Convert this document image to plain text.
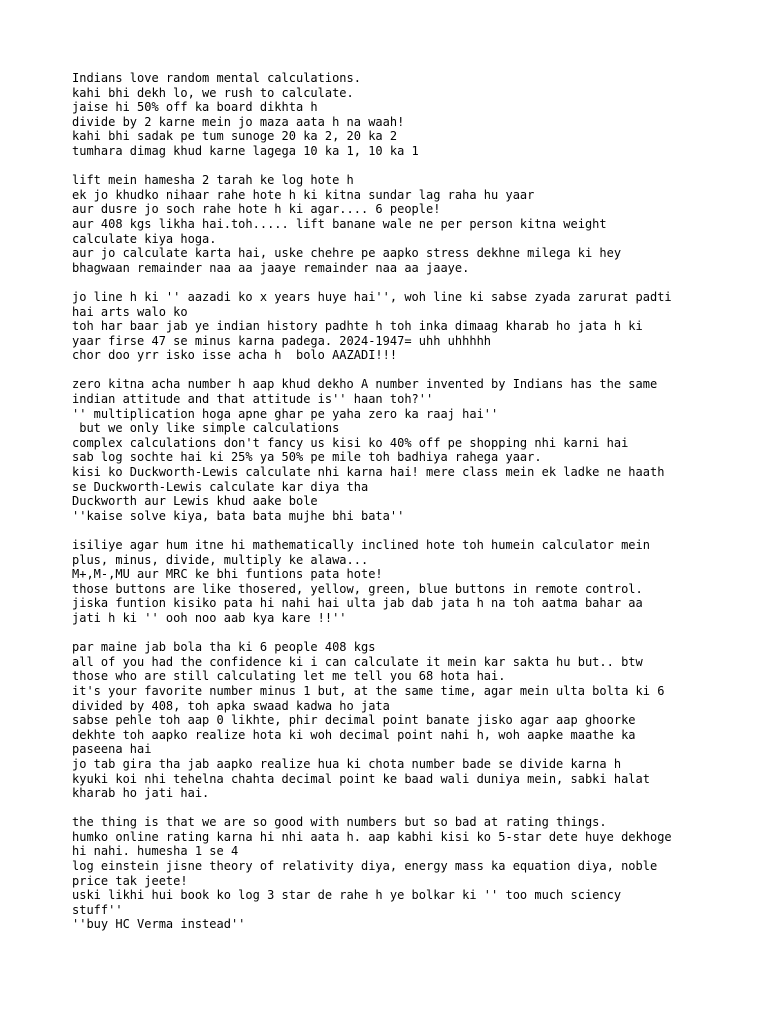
Indians love random mental calculations.
kahi bhi dekh lo, we rush to calculate.
jaise hi 50% off ka board dikhta h
divide by 2 karne mein jo maza aata h na waah!
kahi bhi sadak pe tum sunoge 20 ka 2, 20 ka 2
tumhara dimag khud karne lagega 10 ka 1, 10 ka 1
lift mein hamesha 2 tarah ke log hote h
ek jo khudko nihaar rahe hote h ki kitna sundar lag raha hu yaar
aur dusre jo soch rahe hote h ki agar.... 6 people!
aur 408 kgs likha hai.toh..... lift banane wale ne per person kitna weight
calculate kiya hoga.
aur jo calculate karta hai, uske chehre pe aapko stress dekhne milega ki hey
bhagwaan remainder naa aa jaaye remainder naa aa jaaye.
jo line h ki '' aazadi ko x years huye hai'', woh line ki sabse zyada zarurat padti
hai arts walo ko
toh har baar jab ye indian history padhte h toh inka dimaag kharab ho jata h ki
yaar firse 47 se minus karna padega. 2024-1947= uhh uhhhhh
chor doo yrr isko isse acha h  bolo AAZADI!!!
zero kitna acha number h aap khud dekho A number invented by Indians has the same
indian attitude and that attitude is'' haan toh?''
'' multiplication hoga apne ghar pe yaha zero ka raaj hai''
but we only like simple calculations
complex calculations don't fancy us kisi ko 40% off pe shopping nhi karni hai
sab log sochte hai ki 25% ya 50% pe mile toh badhiya rahega yaar.
kisi ko Duckworth-Lewis calculate nhi karna hai! mere class mein ek ladke ne haath
se Duckworth-Lewis calculate kar diya tha
Duckworth aur Lewis khud aake bole
''kaise solve kiya, bata bata mujhe bhi bata''
isiliye agar hum itne hi mathematically inclined hote toh humein calculator mein
plus, minus, divide, multiply ke alawa...
M+,M-,MU aur MRC ke bhi funtions pata hote!
those buttons are like thosered, yellow, green, blue buttons in remote control.
jiska funtion kisiko pata hi nahi hai ulta jab dab jata h na toh aatma bahar aa
jati h ki '' ooh noo aab kya kare !!''
par maine jab bola tha ki 6 people 408 kgs
all of you had the confidence ki i can calculate it mein kar sakta hu but.. btw
those who are still calculating let me tell you 68 hota hai.
it's your favorite number minus 1 but, at the same time, agar mein ulta bolta ki 6
divided by 408, toh apka swaad kadwa ho jata
sabse pehle toh aap 0 likhte, phir decimal point banate jisko agar aap ghoorke
dekhte toh aapko realize hota ki woh decimal point nahi h, woh aapke maathe ka
paseena hai
jo tab gira tha jab aapko realize hua ki chota number bade se divide karna h
kyuki koi nhi tehelna chahta decimal point ke baad wali duniya mein, sabki halat
kharab ho jati hai.
the thing is that we are so good with numbers but so bad at rating things.
humko online rating karna hi nhi aata h. aap kabhi kisi ko 5-star dete huye dekhoge
hi nahi. humesha 1 se 4
log einstein jisne theory of relativity diya, energy mass ka equation diya, noble
price tak jeete!
uski likhi hui book ko log 3 star de rahe h ye bolkar ki '' too much sciency
stuff''
''buy HC Verma instead''
